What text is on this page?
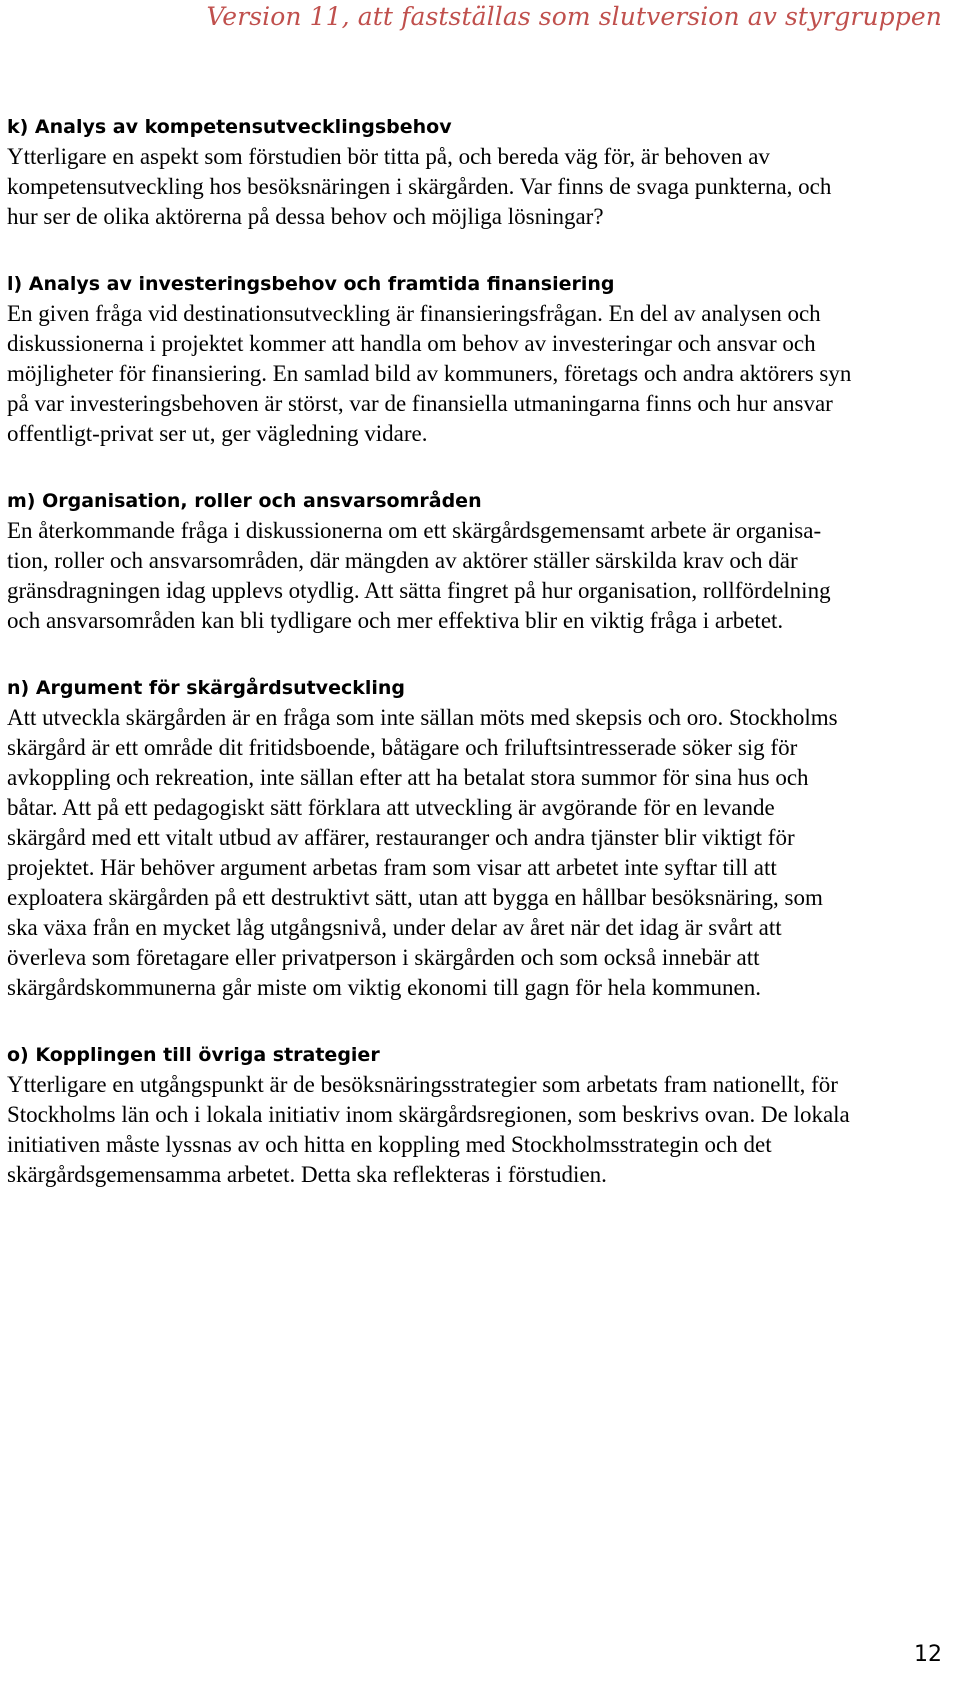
Version 11, att fastställas som slutversion av styrgruppen
k) Analys av kompetensutvecklingsbehov
Ytterligare en aspekt som förstudien bör titta på, och bereda väg för, är behoven av
kompetensutveckling hos besöksnäringen i skärgården. Var finns de svaga punkterna, och
hur ser de olika aktörerna på dessa behov och möjliga lösningar?
l) Analys av investeringsbehov och framtida finansiering
En given fråga vid destinationsutveckling är finansieringsfrågan. En del av analysen och
diskussionerna i projektet kommer att handla om behov av investeringar och ansvar och
möjligheter för finansiering. En samlad bild av kommuners, företags och andra aktörers syn
på var investeringsbehoven är störst, var de finansiella utmaningarna finns och hur ansvar
offentligt-privat ser ut, ger vägledning vidare.
m) Organisation, roller och ansvarsområden
En återkommande fråga i diskussionerna om ett skärgårdsgemensamt arbete är organisa-
tion, roller och ansvarsområden, där mängden av aktörer ställer särskilda krav och där
gränsdragningen idag upplevs otydlig. Att sätta fingret på hur organisation, rollfördelning
och ansvarsområden kan bli tydligare och mer effektiva blir en viktig fråga i arbetet.
n) Argument för skärgårdsutveckling
Att utveckla skärgården är en fråga som inte sällan möts med skepsis och oro. Stockholms
skärgård är ett område dit fritidsboende, båtägare och friluftsintresserade söker sig för
avkoppling och rekreation, inte sällan efter att ha betalat stora summor för sina hus och
båtar. Att på ett pedagogiskt sätt förklara att utveckling är avgörande för en levande
skärgård med ett vitalt utbud av affärer, restauranger och andra tjänster blir viktigt för
projektet. Här behöver argument arbetas fram som visar att arbetet inte syftar till att
exploatera skärgården på ett destruktivt sätt, utan att bygga en hållbar besöksnäring, som
ska växa från en mycket låg utgångsnivå, under delar av året när det idag är svårt att
överleva som företagare eller privatperson i skärgården och som också innebär att
skärgårdskommunerna går miste om viktig ekonomi till gagn för hela kommunen.
o) Kopplingen till övriga strategier
Ytterligare en utgångspunkt är de besöksnäringsstrategier som arbetats fram nationellt, för
Stockholms län och i lokala initiativ inom skärgårdsregionen, som beskrivs ovan. De lokala
initiativen måste lyssnas av och hitta en koppling med Stockholmsstrategin och det
skärgårdsgemensamma arbetet. Detta ska reflekteras i förstudien.
12
